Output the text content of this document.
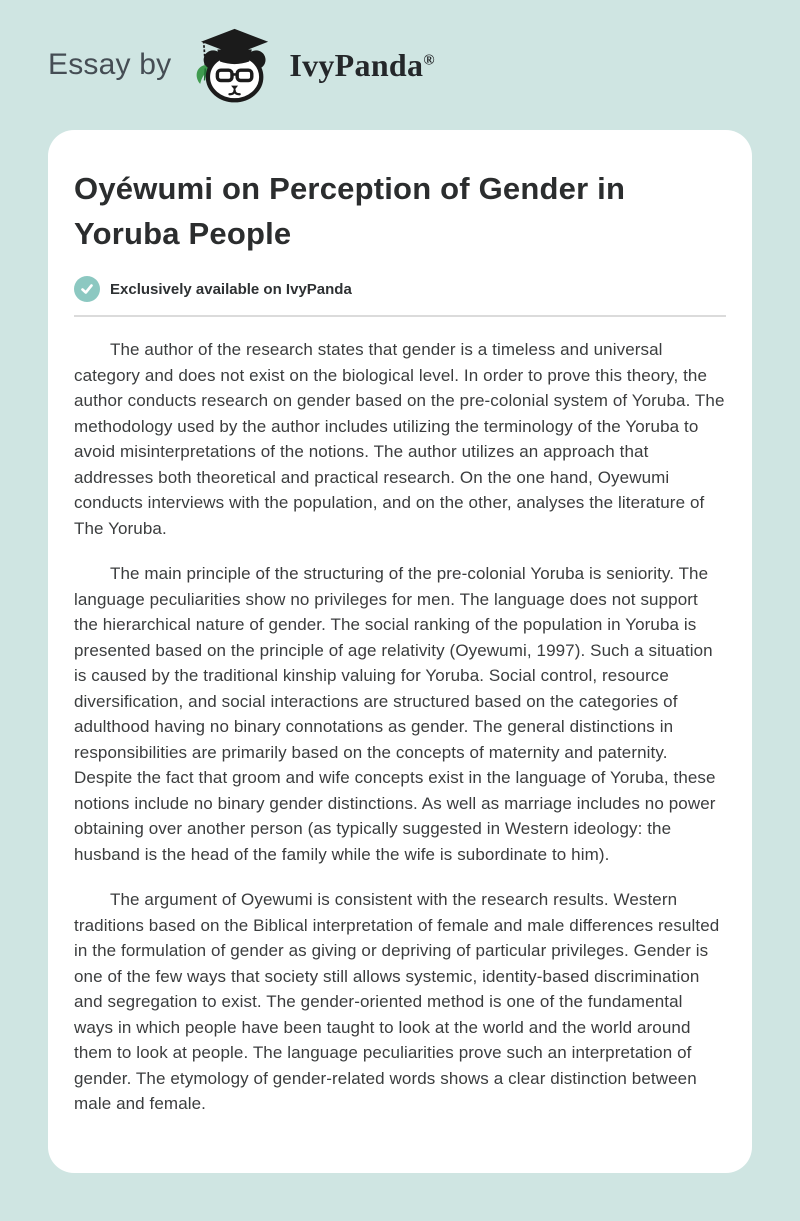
Essay by	IvyPanda®
Oyéwumi on Perception of Gender in Yoruba People
Exclusively available on IvyPanda

The author of the research states that gender is a timeless and universal category and does not exist on the biological level. In order to prove this theory, the author conducts research on gender based on the pre-colonial system of Yoruba. The methodology used by the author includes utilizing the terminology of the Yoruba to avoid misinterpretations of the notions. The author utilizes an approach that addresses both theoretical and practical research. On the one hand, Oyewumi conducts interviews with the population, and on the other, analyses the literature of The Yoruba.

The main principle of the structuring of the pre-colonial Yoruba is seniority. The language peculiarities show no privileges for men. The language does not support the hierarchical nature of gender. The social ranking of the population in Yoruba is presented based on the principle of age relativity (Oyewumi, 1997). Such a situation is caused by the traditional kinship valuing for Yoruba. Social control, resource diversification, and social interactions are structured based on the categories of adulthood having no binary connotations as gender. The general distinctions in responsibilities are primarily based on the concepts of maternity and paternity. Despite the fact that groom and wife concepts exist in the language of Yoruba, these notions include no binary gender distinctions. As well as marriage includes no power obtaining over another person (as typically suggested in Western ideology: the husband is the head of the family while the wife is subordinate to him).

The argument of Oyewumi is consistent with the research results. Western traditions based on the Biblical interpretation of female and male differences resulted in the formulation of gender as giving or depriving of particular privileges. Gender is one of the few ways that society still allows systemic, identity-based discrimination and segregation to exist. The gender-oriented method is one of the fundamental ways in which people have been taught to look at the world and the world around them to look at people. The language peculiarities prove such an interpretation of gender. The etymology of gender-related words shows a clear distinction between male and female.
